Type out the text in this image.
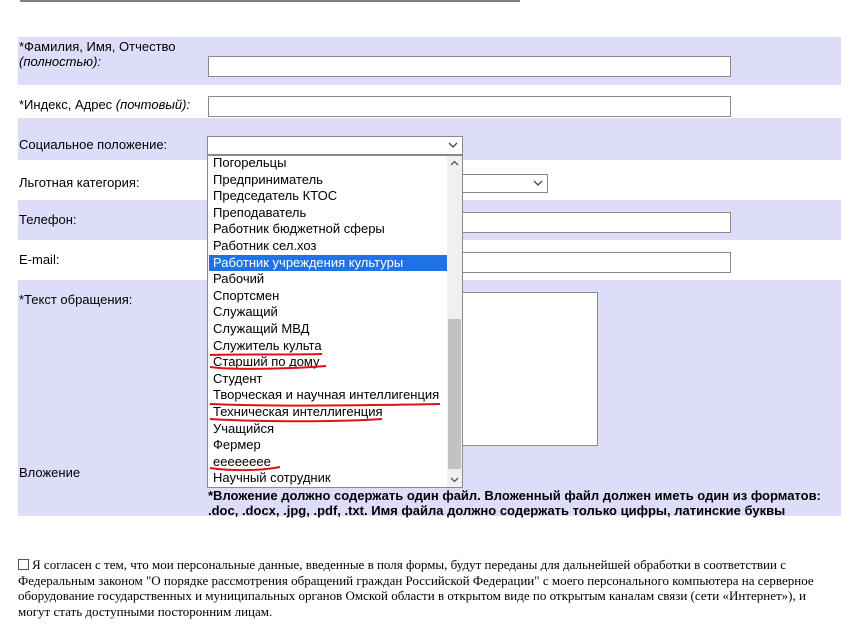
*Фамилия, Имя, Отчество
(полностью):
*Индекс, Адрес (почтовый):
Социальное положение:
Льготная категория:
Телефон:
E-mail:
*Текст обращения:
Вложение
*Вложение должно содержать один файл. Вложенный файл должен иметь один из форматов: .doc, .docx, .jpg, .pdf, .txt. Имя файла должно содержать только цифры, латинские буквы
Научный сотрудник
ееееееее
Фермер
Учащийся
Техническая интеллигенция
Творческая и научная интеллигенция
Студент
Старший по дому
Служитель культа
Служащий МВД
Служащий
Спортсмен
Рабочий
Работник учреждения культуры
Работник сел.хоз
Работник бюджетной сферы
Преподаватель
Председатель КТОС
Предприниматель
Погорельцы
Я согласен с тем, что мои персональные данные, введенные в поля формы, будут переданы для дальнейшей обработки в соответствии с Федеральным законом "О порядке рассмотрения обращений граждан Российской Федерации" с моего персонального компьютера на серверное оборудование государственных и муниципальных органов Омской области в открытом виде по открытым каналам связи (сети «Интернет»), и могут стать доступными посторонним лицам.
